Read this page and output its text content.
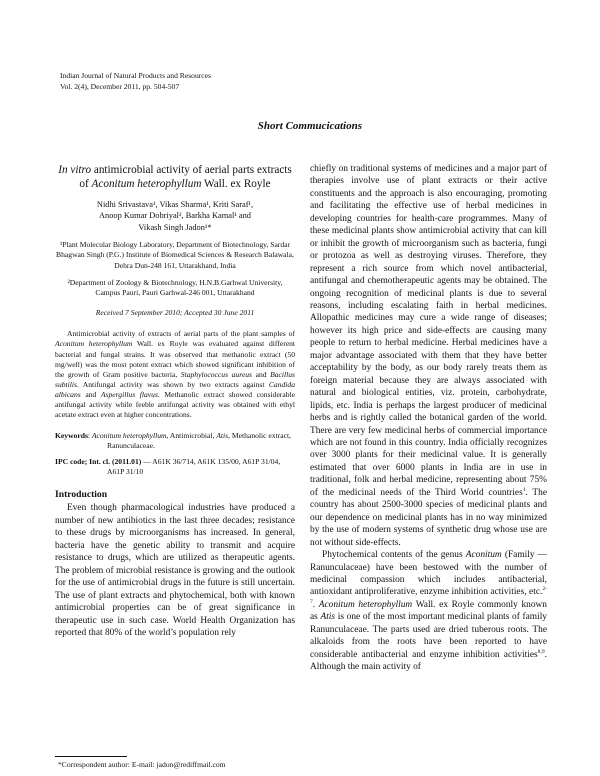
Indian Journal of Natural Products and Resources
Vol. 2(4), December 2011, pp. 504-507
Short Commucications

In vitro antimicrobial activity of aerial parts extracts of Aconitum heterophyllum Wall. ex Royle

Nidhi Srivastava¹, Vikas Sharma¹, Kriti Saraf¹,
Anoop Kumar Dobriyal², Barkha Kamal¹ and
Vikash Singh Jadon¹*
¹Plant Molecular Biology Laboratory, Department of Biotechnology, Sardar Bhagwan Singh (P.G.) Institute of Biomedical Sciences & Research Balawala, Dehra Dun-248 161, Uttarakhand, India
²Department of Zoology & Biotechnology, H.N.B.Garhwal University, Campus Pauri, Pauri Garhwal-246 001, Uttarakhand
Received 7 September 2010; Accepted 30 June 2011
Antimicrobial activity of extracts of aerial parts of the plant samples of Aconitum heterophyllum Wall. ex Royle was evaluated against different bacterial and fungal strains. It was observed that methanolic extract (50 mg/well) was the most potent extract which showed significant inhibition of the growth of Gram positive bacteria, Staphylococcus aureus and Bacillus subtilis. Antifungal activity was shown by two extracts against Candida albicans and Aspergillus flavus. Methanolic extract showed considerable antifungal activity while feeble antifungal activity was obtained with ethyl acetate extract even at higher concentrations.
Keywords: Aconitum heterophyllum, Antimicrobial, Atis, Methanolic extract, Ranunculaceae.
IPC code; Int. cl. (2011.01) — A61K 36/714, A61K 135/00, A61P 31/04, A61P 31/10
Introduction
Even though pharmacological industries have produced a number of new antibiotics in the last three decades; resistance to these drugs by microorganisms has increased. In general, bacteria have the genetic ability to transmit and acquire resistance to drugs, which are utilized as therapeutic agents. The problem of microbial resistance is growing and the outlook for the use of antimicrobial drugs in the future is still uncertain. The use of plant extracts and phytochemical, both with known antimicrobial properties can be of great significance in therapeutic use in such case. World Health Organization has reported that 80% of the world’s population rely

chiefly on traditional systems of medicines and a major part of therapies involve use of plant extracts or their active constituents and the approach is also encouraging, promoting and facilitating the effective use of herbal medicines in developing countries for health-care programmes. Many of these medicinal plants show antimicrobial activity that can kill or inhibit the growth of microorganism such as bacteria, fungi or protozoa as well as destroying viruses. Therefore, they represent a rich source from which novel antibacterial, antifungal and chemotherapeutic agents may be obtained. The ongoing recognition of medicinal plants is due to several reasons, including escalating faith in herbal medicines. Allopathic medicines may cure a wide range of diseases; however its high price and side-effects are causing many people to return to herbal medicine. Herbal medicines have a major advantage associated with them that they have better acceptability by the body, as our body rarely treats them as foreign material because they are always associated with natural and biological entities, viz. protein, carbohydrate, lipids, etc. India is perhaps the largest producer of medicinal herbs and is rightly called the botanical garden of the world. There are very few medicinal herbs of commercial importance which are not found in this country. India officially recognizes over 3000 plants for their medicinal value. It is generally estimated that over 6000 plants in India are in use in traditional, folk and herbal medicine, representing about 75% of the medicinal needs of the Third World countries$^1$. The country has about 2500-3000 species of medicinal plants and our dependence on medicinal plants has in no way minimized by the use of modern systems of synthetic drug whose use are not without side-effects.

Phytochemical contents of the genus Aconitum (Family — Ranunculaceae) have been bestowed with the number of medicinal compassion which includes antibacterial, antioxidant antiproliferative, enzyme inhibition activities, etc.$^{2-7}$. Aconitum heterophyllum Wall. ex Royle commonly known as Atis is one of the most important medicinal plants of family Ranunculaceae. The parts used are dried tuberous roots. The alkaloids from the roots have been reported to have considerable antibacterial and enzyme inhibition activities$^{8,9}$. Although the main activity of

*Correspondent author: E-mail: jadon@rediffmail.com
